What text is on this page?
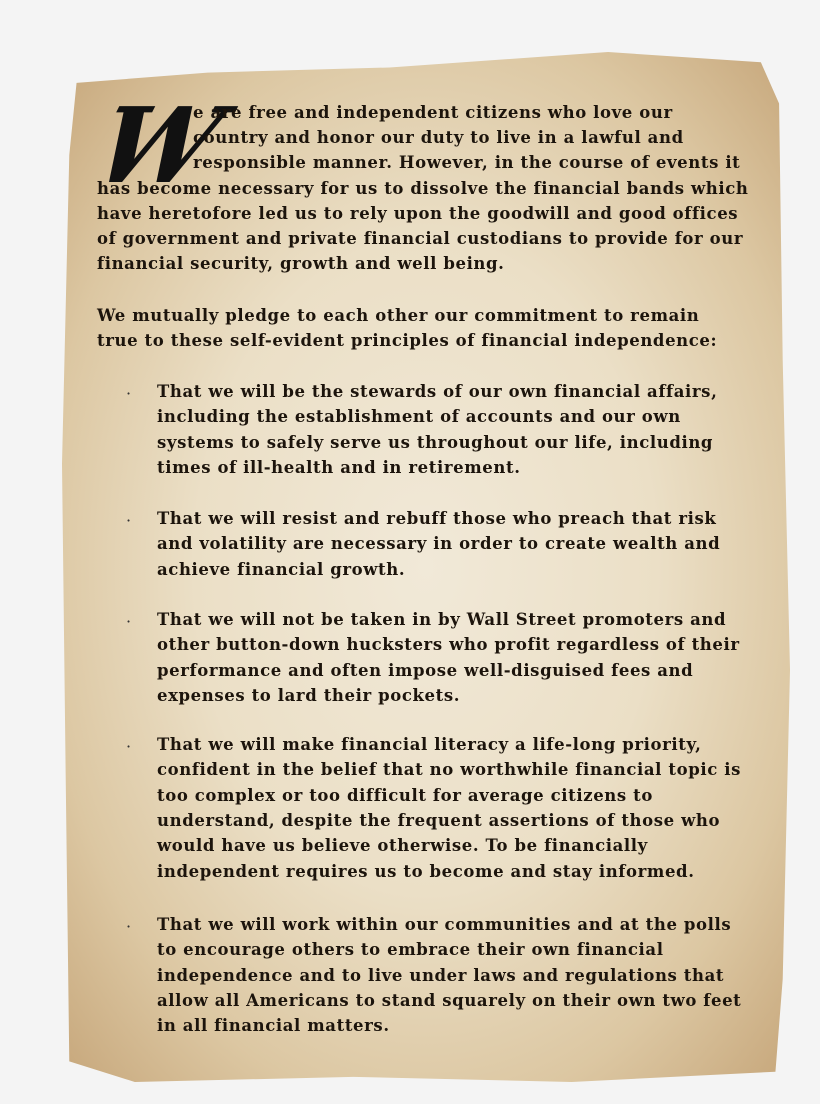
W
e are free and independent citizens who love our
country and honor our duty to live in a lawful and
responsible manner. However, in the course of events it
has become necessary for us to dissolve the financial bands which
have heretofore led us to rely upon the goodwill and good offices
of government and private financial custodians to provide for our
financial security, growth and well being.
We mutually pledge to each other our commitment to remain
true to these self-evident principles of financial independence:
· That we will be the stewards of our own financial affairs,
including the establishment of accounts and our own
systems to safely serve us throughout our life, including
times of ill-health and in retirement.
· That we will resist and rebuff those who preach that risk
and volatility are necessary in order to create wealth and
achieve financial growth.
· That we will not be taken in by Wall Street promoters and
other button-down hucksters who profit regardless of their
performance and often impose well-disguised fees and
expenses to lard their pockets.
· That we will make financial literacy a life-long priority,
confident in the belief that no worthwhile financial topic is
too complex or too difficult for average citizens to
understand, despite the frequent assertions of those who
would have us believe otherwise. To be financially
independent requires us to become and stay informed.
· That we will work within our communities and at the polls
to encourage others to embrace their own financial
independence and to live under laws and regulations that
allow all Americans to stand squarely on their own two feet
in all financial matters.
